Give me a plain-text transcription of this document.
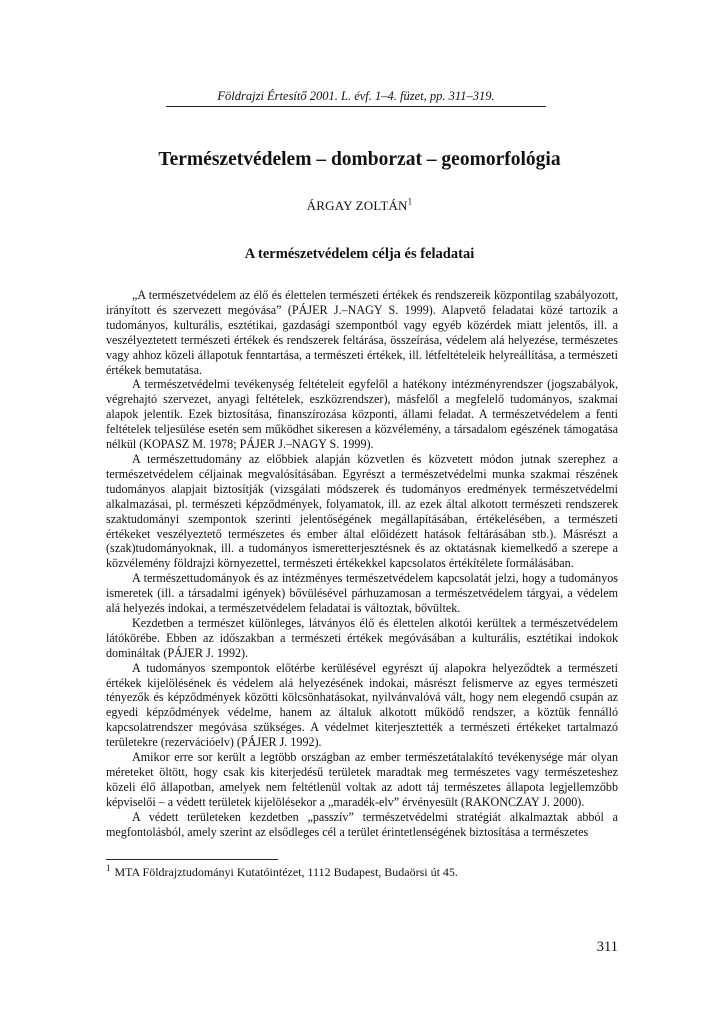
Földrajzi Értesítő 2001. L. évf. 1–4. füzet, pp. 311–319.
Természetvédelem – domborzat – geomorfológia
ÁRGAY ZOLTÁN$^1$
A természetvédelem célja és feladatai

„A természetvédelem az élő és élettelen természeti értékek és rendszereik központilag szabályozott, irányított és szervezett megóvása” (PÁJER J.–NAGY S. 1999). Alapvető feladatai közé tartozik a tudományos, kulturális, esztétikai, gazdasági szempontból vagy egyéb közérdek miatt jelentős, ill. a veszélyeztetett természeti értékek és rendszerek feltárása, összeírása, védelem alá helyezése, természetes vagy ahhoz közeli állapotuk fenntartása, a természeti értékek, ill. létfeltételeik helyreállítása, a természeti értékek bemutatása.

A természetvédelmi tevékenység feltételeit egyfelől a hatékony intézményrendszer (jogszabályok, végrehajtó szervezet, anyagi feltételek, eszközrendszer), másfelől a megfelelő tudományos, szakmai alapok jelentik. Ezek biztosítása, finanszírozása központi, állami feladat. A természetvédelem a fenti feltételek teljesülése esetén sem működhet sikeresen a közvélemény, a társadalom egészének támogatása nélkül (KOPASZ M. 1978; PÁJER J.–NAGY S. 1999).

A természettudomány az előbbiek alapján közvetlen és közvetett módon jutnak szerephez a természetvédelem céljainak megvalósításában. Egyrészt a természetvédelmi munka szakmai részének tudományos alapjait biztosítják (vizsgálati módszerek és tudományos eredmények természetvédelmi alkalmazásai, pl. természeti képződmények, folyamatok, ill. az ezek által alkotott természeti rendszerek szaktudományi szempontok szerinti jelentőségének megállapításában, értékelésében, a természeti értékeket veszélyeztető természetes és ember által előidézett hatások feltárásában stb.). Másrészt a (szak)tudományoknak, ill. a tudományos ismeretterjesztésnek és az oktatásnak kiemelkedő a szerepe a közvélemény földrajzi környezettel, természeti értékekkel kapcsolatos értékítélete formálásában.

A természettudományok és az intézményes természetvédelem kapcsolatát jelzi, hogy a tudományos ismeretek (ill. a társadalmi igények) bővülésével párhuzamosan a természetvédelem tárgyai, a védelem alá helyezés indokai, a természetvédelem feladatai is változtak, bővültek.

Kezdetben a természet különleges, látványos élő és élettelen alkotói kerültek a természetvédelem látókörébe. Ebben az időszakban a természeti értékek megóvásában a kulturális, esztétikai indokok domináltak (PÁJER J. 1992).

A tudományos szempontok előtérbe kerülésével egyrészt új alapokra helyeződtek a természeti értékek kijelölésének és védelem alá helyezésének indokai, másrészt felismerve az egyes természeti tényezők és képződmények közötti kölcsönhatásokat, nyilvánvalóvá vált, hogy nem elegendő csupán az egyedi képződmények védelme, hanem az általuk alkotott működő rendszer, a köztük fennálló kapcsolatrendszer megóvása szükséges. A védelmet kiterjesztették a természeti értékeket tartalmazó területekre (rezervációelv) (PÁJER J. 1992).

Amikor erre sor került a legtöbb országban az ember természetátalakító tevékenysége már olyan méreteket öltött, hogy csak kis kiterjedésű területek maradtak meg természetes vagy természeteshez közeli élő állapotban, amelyek nem feltétlenül voltak az adott táj természetes állapota legjellemzőbb képviselői – a védett területek kijelölésekor a „maradék-elv” érvényesült (RAKONCZAY J. 2000).

A védett területeken kezdetben „passzív” természetvédelmi stratégiát alkalmaztak abból a megfontolásból, amely szerint az elsődleges cél a terület érintetlenségének biztosítása a természetes

$^1$ MTA Földrajztudományi Kutatóintézet, 1112 Budapest, Budaörsi út 45.
311
